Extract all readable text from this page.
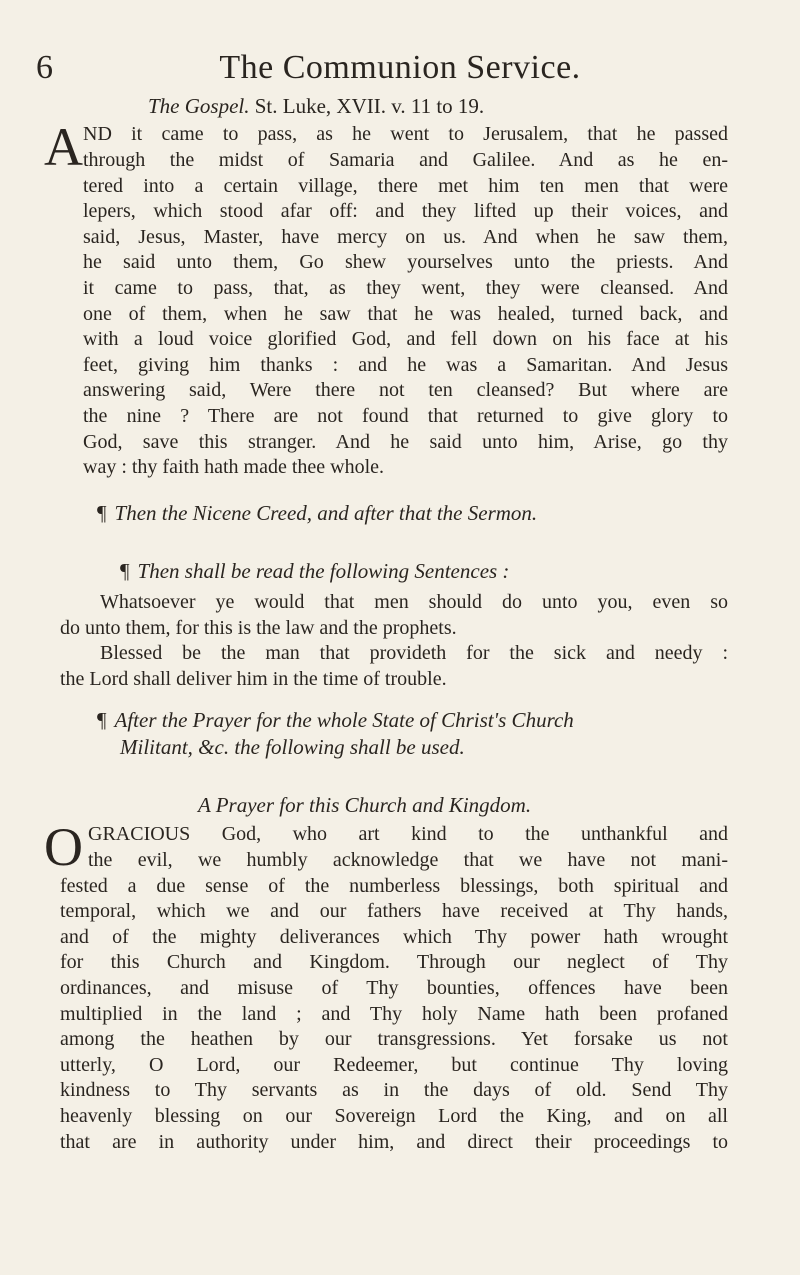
6	The Communion Service.
The Gospel. St. Luke, XVII. v. 11 to 19.
A ND it came to pass, as he went to Jerusalem, that he passed
through the midst of Samaria and Galilee. And as he en-
tered into a certain village, there met him ten men that were
lepers, which stood afar off: and they lifted up their voices, and
said, Jesus, Master, have mercy on us. And when he saw them,
he said unto them, Go shew yourselves unto the priests. And
it came to pass, that, as they went, they were cleansed. And
one of them, when he saw that he was healed, turned back, and
with a loud voice glorified God, and fell down on his face at his
feet, giving him thanks : and he was a Samaritan. And Jesus
answering said, Were there not ten cleansed? But where are
the nine ? There are not found that returned to give glory to
God, save this stranger. And he said unto him, Arise, go thy
way : thy faith hath made thee whole.
¶ Then the Nicene Creed, and after that the Sermon.
¶ Then shall be read the following Sentences :
Whatsoever ye would that men should do unto you, even so
do unto them, for this is the law and the prophets.
Blessed be the man that provideth for the sick and needy :
the Lord shall deliver him in the time of trouble.
¶ After the Prayer for the whole State of Christ's Church
Militant, &c. the following shall be used.
A Prayer for this Church and Kingdom.
O GRACIOUS God, who art kind to the unthankful and
the evil, we humbly acknowledge that we have not mani-
fested a due sense of the numberless blessings, both spiritual and
temporal, which we and our fathers have received at Thy hands,
and of the mighty deliverances which Thy power hath wrought
for this Church and Kingdom. Through our neglect of Thy
ordinances, and misuse of Thy bounties, offences have been
multiplied in the land ; and Thy holy Name hath been profaned
among the heathen by our transgressions. Yet forsake us not
utterly, O Lord, our Redeemer, but continue Thy loving
kindness to Thy servants as in the days of old. Send Thy
heavenly blessing on our Sovereign Lord the King, and on all
that are in authority under him, and direct their proceedings to
